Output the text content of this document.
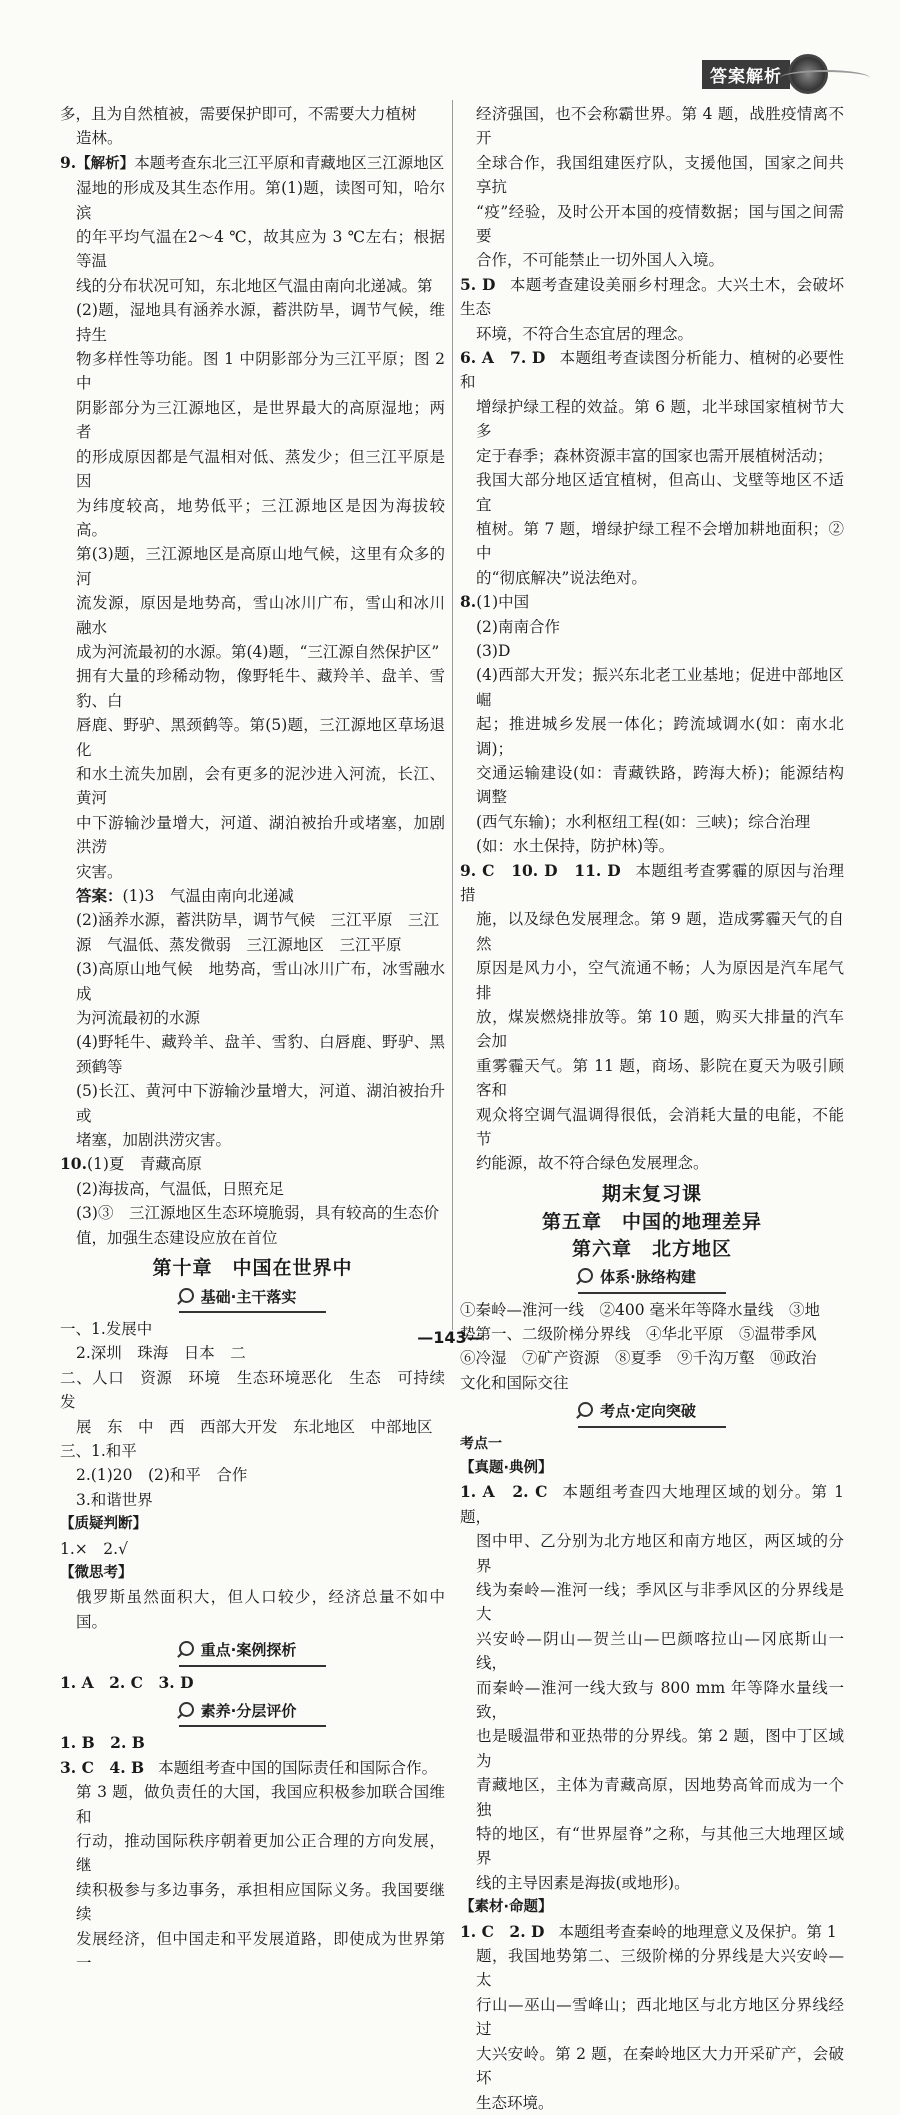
答案解析

多，且为自然植被，需要保护即可，不需要大力植树

造林。

9.【解析】本题考查东北三江平原和青藏地区三江源地区

湿地的形成及其生态作用。第(1)题，读图可知，哈尔滨

的年平均气温在2～4 ℃，故其应为 3 ℃左右；根据等温

线的分布状况可知，东北地区气温由南向北递减。第

(2)题，湿地具有涵养水源，蓄洪防旱，调节气候，维持生

物多样性等功能。图 1 中阴影部分为三江平原；图 2 中

阴影部分为三江源地区，是世界最大的高原湿地；两者

的形成原因都是气温相对低、蒸发少；但三江平原是因

为纬度较高，地势低平；三江源地区是因为海拔较高。

第(3)题，三江源地区是高原山地气候，这里有众多的河

流发源，原因是地势高，雪山冰川广布，雪山和冰川融水

成为河流最初的水源。第(4)题，“三江源自然保护区”

拥有大量的珍稀动物，像野牦牛、藏羚羊、盘羊、雪豹、白

唇鹿、野驴、黑颈鹤等。第(5)题，三江源地区草场退化

和水土流失加剧，会有更多的泥沙进入河流，长江、黄河

中下游输沙量增大，河道、湖泊被抬升或堵塞，加剧洪涝

灾害。

答案：(1)3　气温由南向北递减

(2)涵养水源，蓄洪防旱，调节气候　三江平原　三江

源　气温低、蒸发微弱　三江源地区　三江平原

(3)高原山地气候　地势高，雪山冰川广布，冰雪融水成

为河流最初的水源

(4)野牦牛、藏羚羊、盘羊、雪豹、白唇鹿、野驴、黑颈鹤等

(5)长江、黄河中下游输沙量增大，河道、湖泊被抬升或

堵塞，加剧洪涝灾害。

10.(1)夏　青藏高原

(2)海拔高，气温低，日照充足

(3)③　三江源地区生态环境脆弱，具有较高的生态价

值，加强生态建设应放在首位

第十章　中国在世界中
基础·主干落实

一、1.发展中

2.深圳　珠海　日本　二

二、人口　资源　环境　生态环境恶化　生态　可持续发

展　东　中　西　西部大开发　东北地区　中部地区

三、1.和平

2.(1)20　(2)和平　合作

3.和谐世界

【质疑判断】

1.×　2.√

【微思考】

俄罗斯虽然面积大，但人口较少，经济总量不如中国。

重点·案例探析

1. A　2. C　3. D

素养·分层评价

1. B　2. B

3. C　4. B 本题组考查中国的国际责任和国际合作。

第 3 题，做负责任的大国，我国应积极参加联合国维和

行动，推动国际秩序朝着更加公正合理的方向发展，继

续积极参与多边事务，承担相应国际义务。我国要继续

发展经济，但中国走和平发展道路，即使成为世界第一

经济强国，也不会称霸世界。第 4 题，战胜疫情离不开

全球合作，我国组建医疗队，支援他国，国家之间共享抗

“疫”经验，及时公开本国的疫情数据；国与国之间需要

合作，不可能禁止一切外国人入境。

5. D 本题考查建设美丽乡村理念。大兴土木，会破坏生态

环境，不符合生态宜居的理念。

6. A　7. D 本题组考查读图分析能力、植树的必要性和

增绿护绿工程的效益。第 6 题，北半球国家植树节大多

定于春季；森林资源丰富的国家也需开展植树活动；

我国大部分地区适宜植树，但高山、戈壁等地区不适宜

植树。第 7 题，增绿护绿工程不会增加耕地面积；②中

的“彻底解决”说法绝对。

8.(1)中国

(2)南南合作

(3)D

(4)西部大开发；振兴东北老工业基地；促进中部地区崛

起；推进城乡发展一体化；跨流域调水(如：南水北调)；

交通运输建设(如：青藏铁路，跨海大桥)；能源结构调整

(西气东输)；水利枢纽工程(如：三峡)；综合治理

(如：水土保持，防护林)等。

9. C　10. D　11. D 本题组考查雾霾的原因与治理措

施，以及绿色发展理念。第 9 题，造成雾霾天气的自然

原因是风力小，空气流通不畅；人为原因是汽车尾气排

放，煤炭燃烧排放等。第 10 题，购买大排量的汽车会加

重雾霾天气。第 11 题，商场、影院在夏天为吸引顾客和

观众将空调气温调得很低，会消耗大量的电能，不能节

约能源，故不符合绿色发展理念。

期末复习课
第五章　中国的地理差异
第六章　北方地区
体系·脉络构建

①秦岭—淮河一线　②400 毫米年等降水量线　③地

势第一、二级阶梯分界线　④华北平原　⑤温带季风

⑥冷湿　⑦矿产资源　⑧夏季　⑨千沟万壑　⑩政治

文化和国际交往

考点·定向突破

考点一

【真题·典例】

1. A　2. C 本题组考查四大地理区域的划分。第 1 题，

图中甲、乙分别为北方地区和南方地区，两区域的分界

线为秦岭—淮河一线；季风区与非季风区的分界线是大

兴安岭—阴山—贺兰山—巴颜喀拉山—冈底斯山一线，

而秦岭—淮河一线大致与 800 mm 年等降水量线一致，

也是暖温带和亚热带的分界线。第 2 题，图中丁区域为

青藏地区，主体为青藏高原，因地势高耸而成为一个独

特的地区，有“世界屋脊”之称，与其他三大地理区域界

线的主导因素是海拔(或地形)。

【素材·命题】

1. C　2. D 本题组考查秦岭的地理意义及保护。第 1

题，我国地势第二、三级阶梯的分界线是大兴安岭—太

行山—巫山—雪峰山；西北地区与北方地区分界线经过

大兴安岭。第 2 题，在秦岭地区大力开采矿产，会破坏

生态环境。

—143—
